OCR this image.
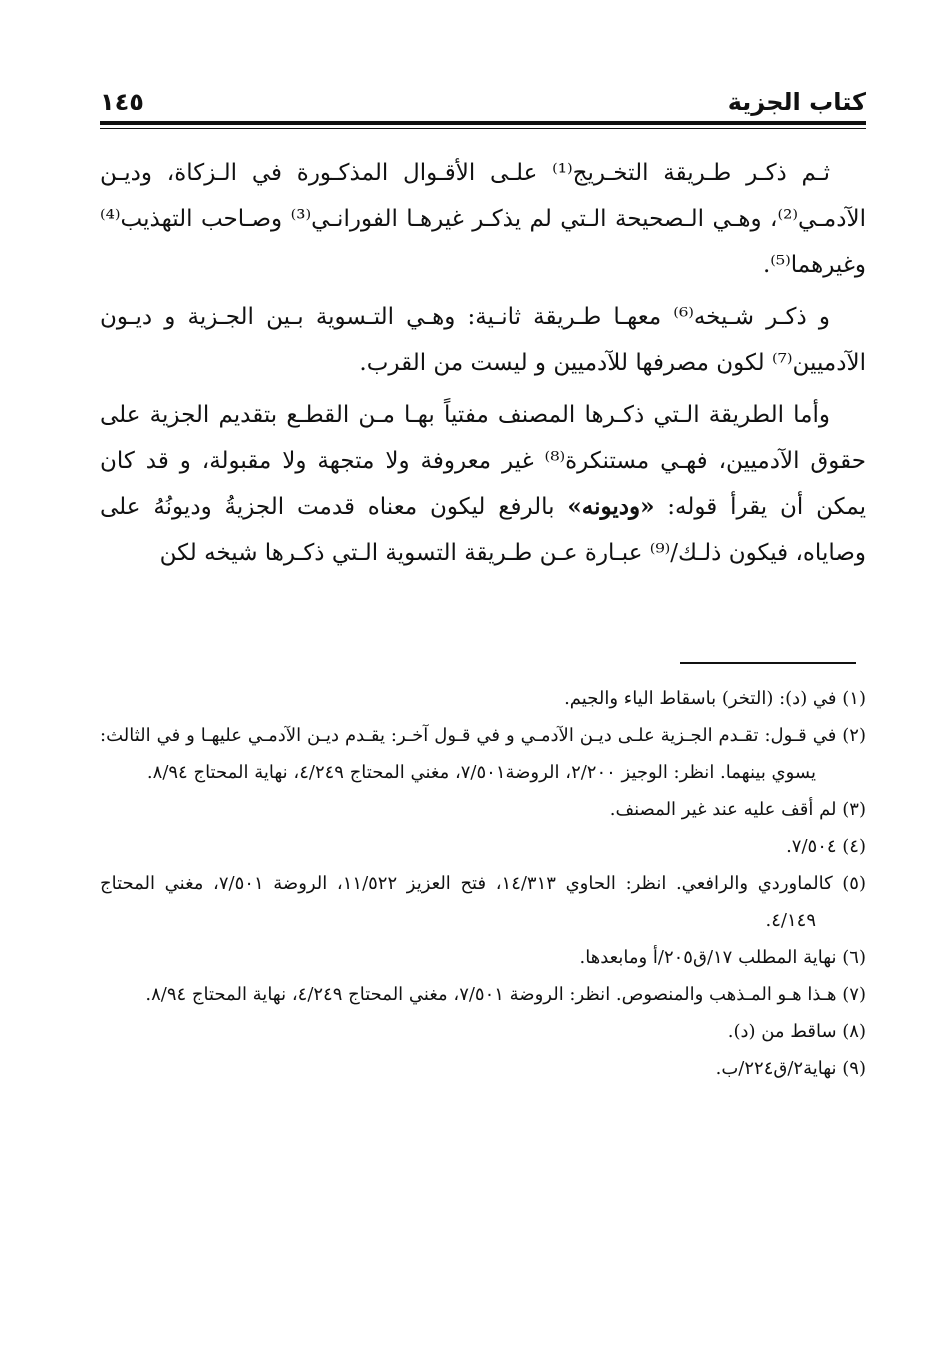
كتاب الجزية
١٤٥

ثـم ذكـر طـريقة التخـريج⁽¹⁾ علـى الأقـوال المذكـورة في الـزكاة، وديـن الآدمـي⁽²⁾، وهـي الـصحيحة الـتي لم يذكـر غيرهـا الفورانـي⁽³⁾ وصـاحب التهذيب⁽⁴⁾ وغيرهما⁽⁵⁾.

و ذكـر شـيخه⁽⁶⁾ معهـا طـريقة ثانـية: وهـي التـسوية بـين الجـزية و ديـون الآدميين⁽⁷⁾ لكون مصرفها للآدميين و ليست من القرب.

وأما الطريقة الـتي ذكـرها المصنف مفتياً بهـا مـن القطـع بتقديم الجزية على حقوق الآدميين، فهـي مستنكرة⁽⁸⁾ غير معروفة ولا متجهة ولا مقبولة، و قد كان يمكن أن يقرأ قوله: «وديونه» بالرفع ليكون معناه قدمت الجزيةُ وديونُهُ على وصاياه، فيكون ذلـك/⁽⁹⁾ عبـارة عـن طـريقة التسوية الـتي ذكـرها شيخه لكن

(١) في (د): (التخر) باسقاط الياء والجيم.

(٢) في قـول: تقـدم الجـزية علـى ديـن الآدمـي و في قـول آخـر: يقـدم ديـن الآدمـي عليهـا و في الثالث: يسوي بينهما. انظر: الوجيز ٢/٢٠٠، الروضة٧/٥٠١، مغني المحتاج ٤/٢٤٩، نهاية المحتاج ٨/٩٤.

(٣) لم أقف عليه عند غير المصنف.

(٤) ٧/٥٠٤.

(٥) كالماوردي والرافعي. انظر: الحاوي ١٤/٣١٣، فتح العزيز ١١/٥٢٢، الروضة ٧/٥٠١، مغني المحتاج ٤/١٤٩.

(٦) نهاية المطلب ١٧/ق٢٠٥/أ ومابعدها.

(٧) هـذا هـو المـذهب والمنصوص. انظر: الروضة ٧/٥٠١، مغني المحتاج ٤/٢٤٩، نهاية المحتاج ٨/٩٤.

(٨) ساقط من (د).

(٩) نهاية٢/ق٢٢٤/ب.
